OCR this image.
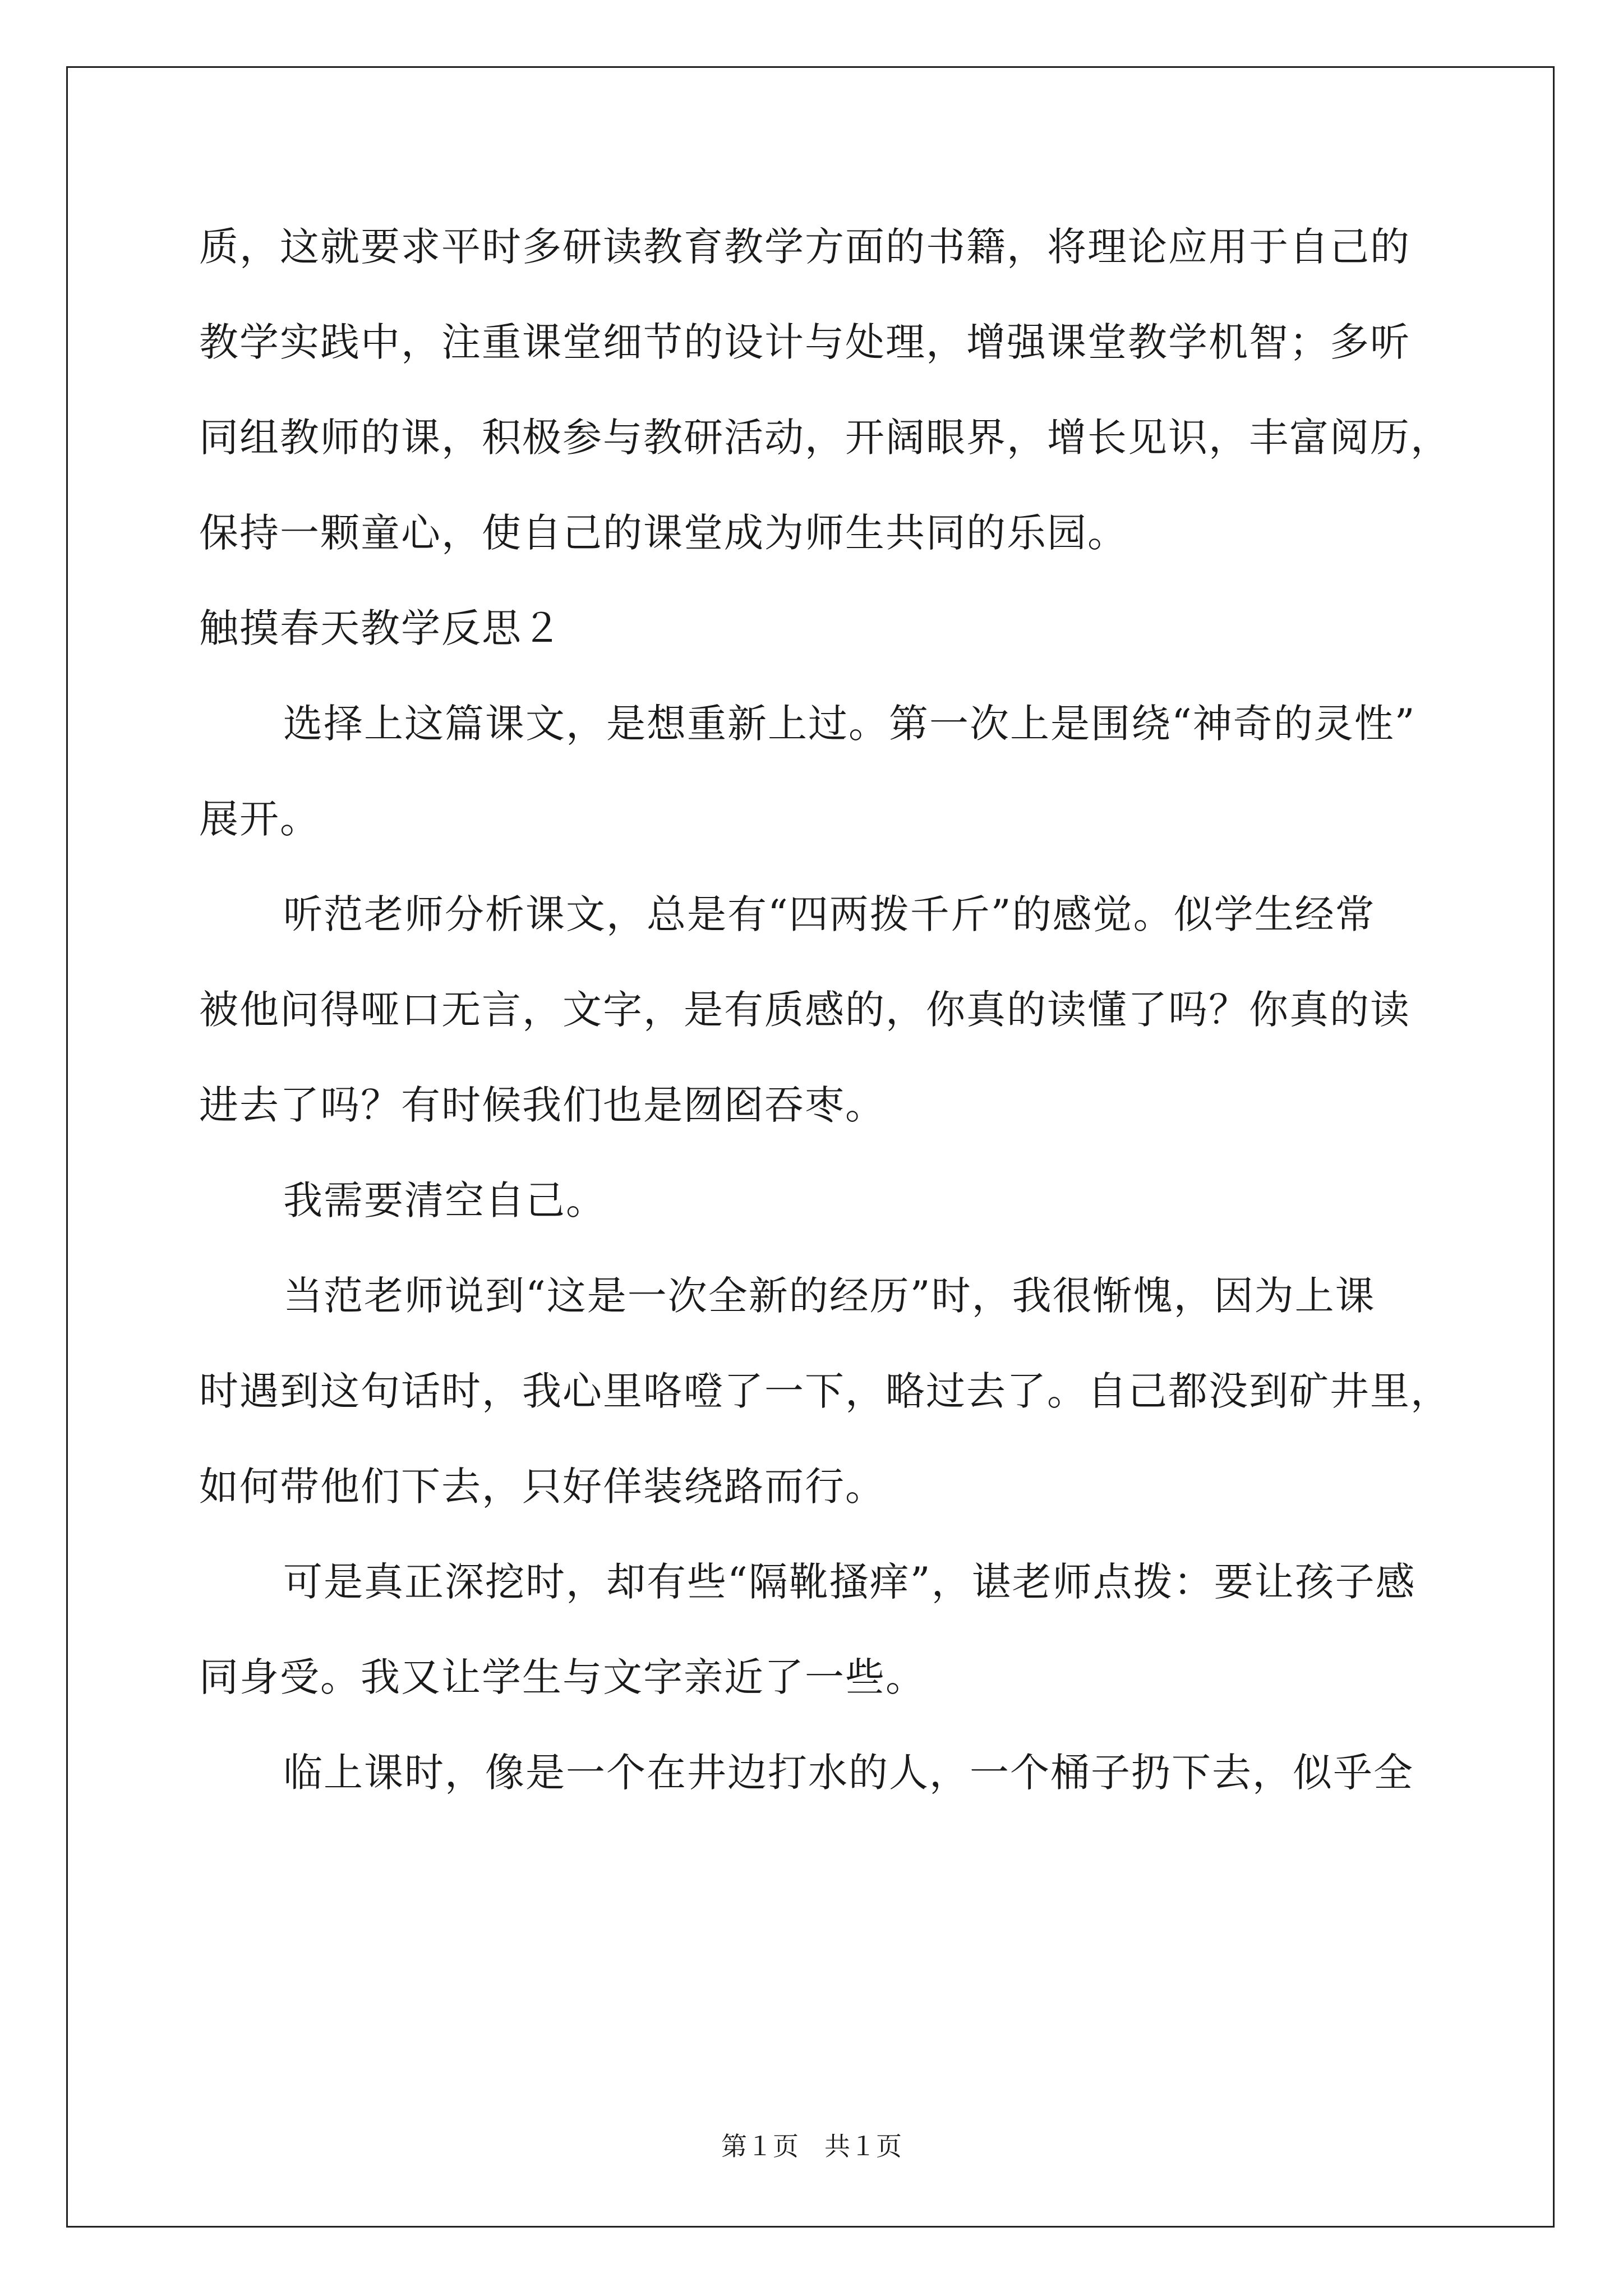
质，这就要求平时多研读教育教学方面的书籍，将理论应用于自己的
教学实践中，注重课堂细节的设计与处理，增强课堂教学机智；多听
同组教师的课，积极参与教研活动，开阔眼界，增长见识，丰富阅历，
保持一颗童心，使自己的课堂成为师生共同的乐园。
触摸春天教学反思２
选择上这篇课文，是想重新上过。第一次上是围绕“神奇的灵性”
展开。
听范老师分析课文，总是有“四两拨千斤”的感觉。似学生经常
被他问得哑口无言，文字，是有质感的，你真的读懂了吗？你真的读
进去了吗？有时候我们也是囫囵吞枣。
我需要清空自己。
当范老师说到“这是一次全新的经历”时，我很惭愧，因为上课
时遇到这句话时，我心里咯噔了一下，略过去了。自己都没到矿井里，
如何带他们下去，只好佯装绕路而行。
可是真正深挖时，却有些“隔靴搔痒”，谌老师点拨：要让孩子感
同身受。我又让学生与文字亲近了一些。
临上课时，像是一个在井边打水的人，一个桶子扔下去，似乎全
第１页　共１页
